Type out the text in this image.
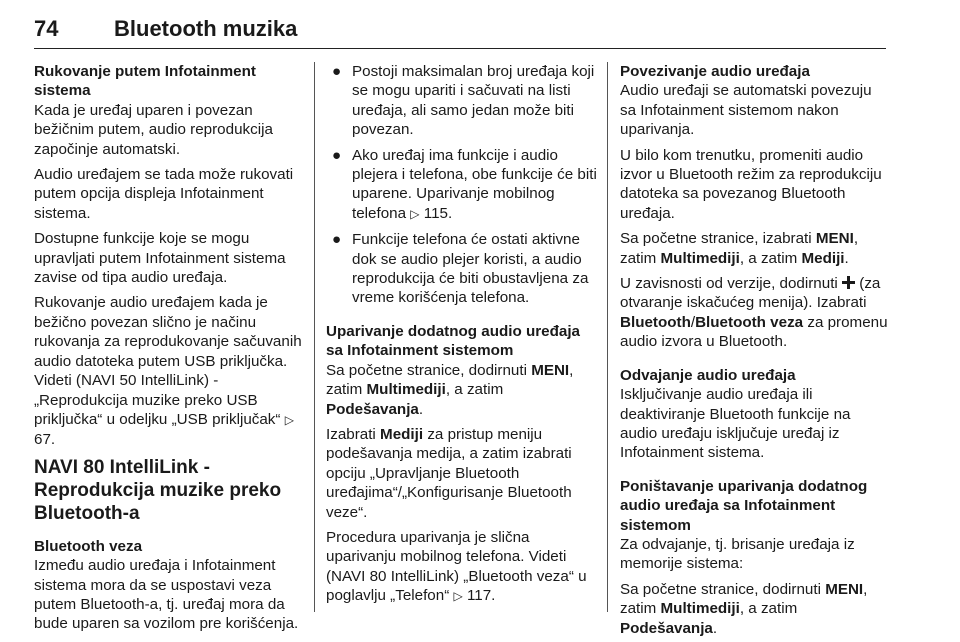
74	Bluetooth muzika
Rukovanje putem Infotainment
sistema

Kada je uređaj uparen i povezan bežičnim putem, audio reprodukcija započinje automatski.

Audio uređajem se tada može rukovati putem opcija displeja Infotainment sistema.

Dostupne funkcije koje se mogu upravljati putem Infotainment sistema zavise od tipa audio uređaja.

Rukovanje audio uređajem kada je bežično povezan slično je načinu rukovanja za reprodukovanje sačuvanih audio datoteka putem USB priključka. Videti (NAVI 50 IntelliLink) - „Reprodukcija muzike preko USB priključka“ u odeljku „USB priključak“ ▷ 67.

NAVI 80 IntelliLink - Reprodukcija muzike preko Bluetooth-a
Bluetooth veza

Između audio uređaja i Infotainment sistema mora da se uspostavi veza putem Bluetooth-a, tj. uređaj mora da bude uparen sa vozilom pre korišćenja.

● Postoji maksimalan broj uređaja koji se mogu upariti i sačuvati na listi uređaja, ali samo jedan može biti povezan.
● Ako uređaj ima funkcije i audio plejera i telefona, obe funkcije će biti uparene. Uparivanje mobilnog telefona ▷ 115.
● Funkcije telefona će ostati aktivne dok se audio plejer koristi, a audio reprodukcija će biti obustavljena za vreme korišćenja telefona.
Uparivanje dodatnog audio uređaja sa Infotainment sistemom

Sa početne stranice, dodirnuti MENI, zatim Multimediji, a zatim Podešavanja.

Izabrati Mediji za pristup meniju podešavanja medija, a zatim izabrati opciju „Upravljanje Bluetooth uređajima“/„Konfigurisanje Bluetooth veze“.

Procedura uparivanja je slična uparivanju mobilnog telefona. Videti (NAVI 80 IntelliLink) „Bluetooth veza“ u poglavlju „Telefon“ ▷ 117.

Povezivanje audio uređaja

Audio uređaji se automatski povezuju sa Infotainment sistemom nakon uparivanja.

U bilo kom trenutku, promeniti audio izvor u Bluetooth režim za reprodukciju datoteka sa povezanog Bluetooth uređaja.

Sa početne stranice, izabrati MENI, zatim Multimediji, a zatim Mediji.

U zavisnosti od verzije, dodirnuti (za otvaranje iskačućeg menija). Izabrati Bluetooth/Bluetooth veza za promenu audio izvora u Bluetooth.

Odvajanje audio uređaja

Isključivanje audio uređaja ili deaktiviranje Bluetooth funkcije na audio uređaju isključuje uređaj iz Infotainment sistema.

Poništavanje uparivanja dodatnog audio uređaja sa Infotainment sistemom

Za odvajanje, tj. brisanje uređaja iz memorije sistema:

Sa početne stranice, dodirnuti MENI, zatim Multimediji, a zatim Podešavanja.
